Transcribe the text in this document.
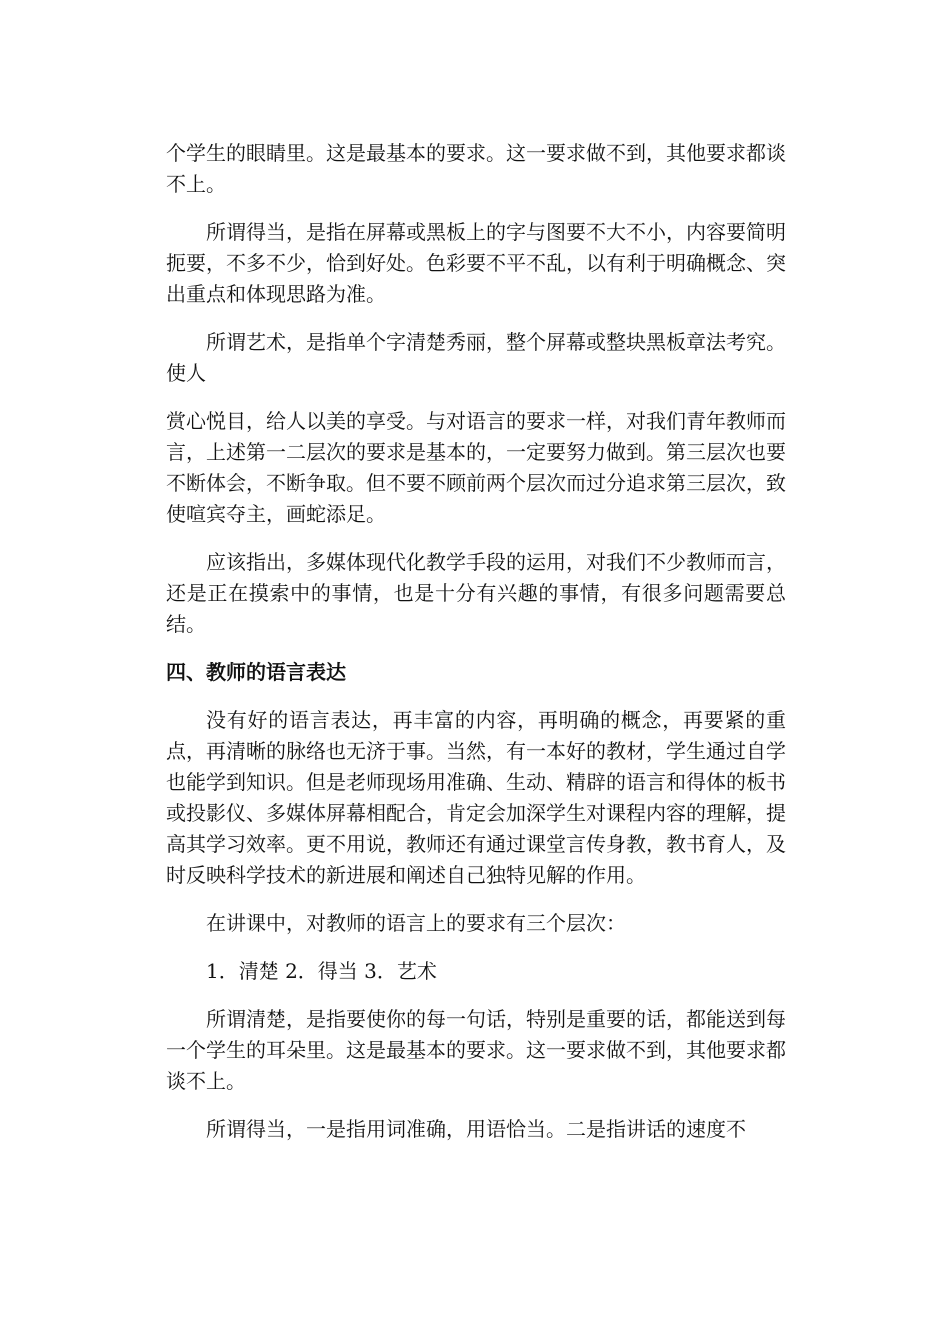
个学生的眼睛里。这是最基本的要求。这一要求做不到，其他要求都谈不上。

所谓得当，是指在屏幕或黑板上的字与图要不大不小，内容要简明扼要，不多不少，恰到好处。色彩要不平不乱，以有利于明确概念、突出重点和体现思路为准。

所谓艺术，是指单个字清楚秀丽，整个屏幕或整块黑板章法考究。使人

赏心悦目，给人以美的享受。与对语言的要求一样，对我们青年教师而言，上述第一二层次的要求是基本的，一定要努力做到。第三层次也要不断体会，不断争取。但不要不顾前两个层次而过分追求第三层次，致使喧宾夺主，画蛇添足。

应该指出，多媒体现代化教学手段的运用，对我们不少教师而言，还是正在摸索中的事情，也是十分有兴趣的事情，有很多问题需要总结。

四、教师的语言表达

没有好的语言表达，再丰富的内容，再明确的概念，再要紧的重点，再清晰的脉络也无济于事。当然，有一本好的教材，学生通过自学也能学到知识。但是老师现场用准确、生动、精辟的语言和得体的板书或投影仪、多媒体屏幕相配合，肯定会加深学生对课程内容的理解，提高其学习效率。更不用说，教师还有通过课堂言传身教，教书育人，及时反映科学技术的新进展和阐述自己独特见解的作用。

在讲课中，对教师的语言上的要求有三个层次：

1．清楚 2．得当 3．艺术

所谓清楚，是指要使你的每一句话，特别是重要的话，都能送到每一个学生的耳朵里。这是最基本的要求。这一要求做不到，其他要求都谈不上。

所谓得当，一是指用词准确，用语恰当。二是指讲话的速度不
